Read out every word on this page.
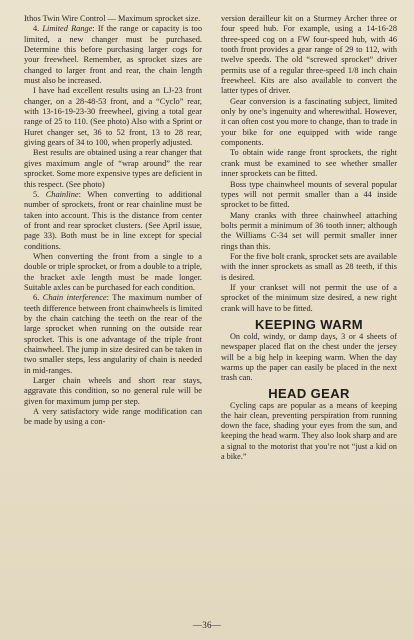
Ithos Twin Wire Control — Maximum sprocket size.

4. Limited Range: If the range or capacity is too limited, a new changer must be purchased. Determine this before purchasing larger cogs for your freewheel. Remember, as sprocket sizes are changed to larger front and rear, the chain length must also be increased.

I have had excellent results using an LJ-23 front changer, on a 28-48-53 front, and a “Cyclo” rear, with 13-16-19-23-30 freewheel, giving a total gear range of 25 to 110. (See photo) Also with a Sprint or Huret changer set, 36 to 52 front, 13 to 28 rear, giving gears of 34 to 100, when properly adjusted.

Best results are obtained using a rear changer that gives maximum angle of “wrap around” the rear sprocket. Some more expensive types are deficient in this respect. (See photo)

5. Chainline: When converting to additional number of sprockets, front or rear chainline must be taken into account. This is the distance from center of front and rear sprocket clusters. (See April issue, page 33). Both must be in line except for special conditions.

When converting the front from a single to a double or triple sprocket, or from a double to a triple, the bracket axle length must be made longer. Suitable axles can be purchased for each condition.

6. Chain interference: The maximum number of teeth difference between front chainwheels is limited by the chain catching the teeth on the rear of the large sprocket when running on the outside rear sprocket. This is one advantage of the triple front chainwheel. The jump in size desired can be taken in two smaller steps, less angularity of chain is needed in mid-ranges.

Larger chain wheels and short rear stays, aggravate this condition, so no general rule will be given for maximum jump per step.

A very satisfactory wide range modification can be made by using a con-

version derailleur kit on a Sturmey Archer three or four speed hub. For example, using a 14-16-28 three-speed cog on a FW four-speed hub, with 46 tooth front provides a gear range of 29 to 112, with twelve speeds. The old “screwed sprocket” driver permits use of a regular three-speed 1/8 inch chain freewheel. Kits are also available to convert the latter types of driver.

Gear conversion is a fascinating subject, limited only by one’s ingenuity and wherewithal. However, it can often cost you more to change, than to trade in your bike for one equipped with wide range components.

To obtain wide range front sprockets, the right crank must be examined to see whether smaller inner sprockets can be fitted.

Boss type chainwheel mounts of several popular types will not permit smaller than a 44 inside sprocket to be fitted.

Many cranks with three chainwheel attaching bolts permit a minimum of 36 tooth inner; although the Williams C-34 set will permit smaller inner rings than this.

For the five bolt crank, sprocket sets are available with the inner sprockets as small as 28 teeth, if this is desired.

If your crankset will not permit the use of a sprocket of the minimum size desired, a new right crank will have to be fitted.

KEEPING WARM

On cold, windy, or damp days, 3 or 4 sheets of newspaper placed flat on the chest under the jersey will be a big help in keeping warm. When the day warms up the paper can easily be placed in the next trash can.

HEAD GEAR

Cycling caps are popular as a means of keeping the hair clean, preventing perspiration from running down the face, shading your eyes from the sun, and keeping the head warm. They also look sharp and are a signal to the motorist that you’re not “just a kid on a bike.”

—36—
